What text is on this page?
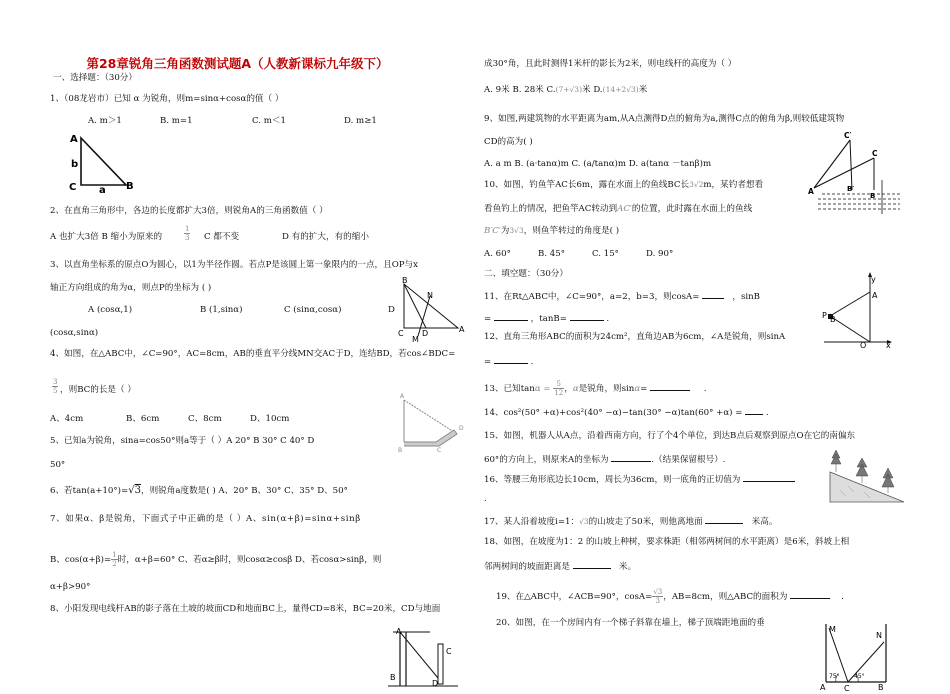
第28章锐角三角函数测试题A（人教新课标九年级下）
一、选择题：（30分）
1、（08龙岩市）已知 α 为锐角，则m=sinα+cosα的值（ ）
A. m＞1	B. m=1	C. m＜1	D. m≥1
A
b
C a B
2、在直角三角形中，各边的长度都扩大3倍，则锐角A的三角函数值（ ）
A 也扩大3倍 B 缩小为原来的	$\frac{1}{3}$ C 都不变	D 有的扩大，有的缩小
3、以直角坐标系的原点O为圆心，以1为半径作圆。若点P是该圆上第一象限内的一点，且OP与x
轴正方向组成的角为α，则点P的坐标为 ( )
A (cosα,1)	B (1,sinα)	C (sinα,cosα)	D
(cosα,sinα)
B
N
C D	A
M
4、如图，在△ABC中，∠C=90°，AC=8cm，AB的垂直平分线MN交AC于D，连结BD，若cos∠BDC=
$\frac{3}{5}$ ，则BC的长是（ ）
A、4cm	B、6cm	C、8cm	D、10cm
A
B	C
D
5、已知a为锐角，sina=cos50°则a等于（ ）A 20° B 30° C 40° D
50°
6、若tan(a+10°)=√3，则锐角a度数是( ) A、20° B、30° C、35° D、50°
7、如果α、β是锐角，下面式子中正确的是（ ）A、sin(α+β)=sinα+sinβ
B、$\cos(\alpha+\beta)= \frac{1}{2}$ 时，α+β=60° C、若α≥β时，则cosα≥cosβ D、若cosα>sinβ，则
α+β>90°
8、小阳发现电线杆AB的影子落在土坡的坡面CD和地面BC上，量得CD=8米，BC=20米，CD与地面
A
C
B
D
成30°角，且此时测得1米杆的影长为2米，则电线杆的高度为（ ）
A. 9米 B. 28米 C.(7+√3)米 D.(14+2√3)米
9、如图,两建筑物的水平距离为am,从A点测得D点的俯角为a,测得C点的俯角为β,则较低建筑物
CD的高为( )
A. a m B. (a·tanα)m C. (a/tanα)m D. a(tanα －tanβ)m
10、如图，钓鱼竿AC长6m，露在水面上的鱼线BC长3√2m，某钓者想看
看鱼钓上的情况，把鱼竿AC转动到AC′的位置，此时露在水面上的鱼线
B′C′为3√3，则鱼竿转过的角度是( )
A. 60°	B. 45°	C. 15°	D. 90°
C′
C
A	B′
B
二、填空题：（30分）
11、在Rt△ABC中，∠C=90°，a=2，b=3，则cosA=	，sinB
=	，tanB=	.
12、直角三角形ABC的面积为24cm²，直角边AB为6cm，∠A是锐角，则sinA
=	.
y
A
P B
O x
13、已知$\tan\alpha = \frac{5}{12}$ ，α是锐角，则sinα=	.
14、cos²(50° +α)+cos²(40° −α)−tan(30° −α)tan(60° +α) =  .
15、如图，机器人从A点，沿着西南方向，行了个4个单位，到达B点后观察到原点O在它的南偏东
60°的方向上，则原来A的坐标为	.（结果保留根号）.
16、等腰三角形底边长10cm，周长为36cm，则一底角的正切值为
.
17、某人沿着坡度i=1：√3的山坡走了50米，则他离地面	米高。
18、如图，在坡度为1：2 的山坡上种树，要求株距（相邻两树间的水平距离）是6米，斜坡上相
邻两树间的坡面距离是	米。
19、在△ABC中，∠ACB=90°，$\cos A= \frac{√3}{3}$ ，AB=8cm，则△ABC的面积为	.
20、如图，在一个房间内有一个梯子斜靠在墙上，梯子顶端距地面的垂
M
N
75° 45°
A C	B
